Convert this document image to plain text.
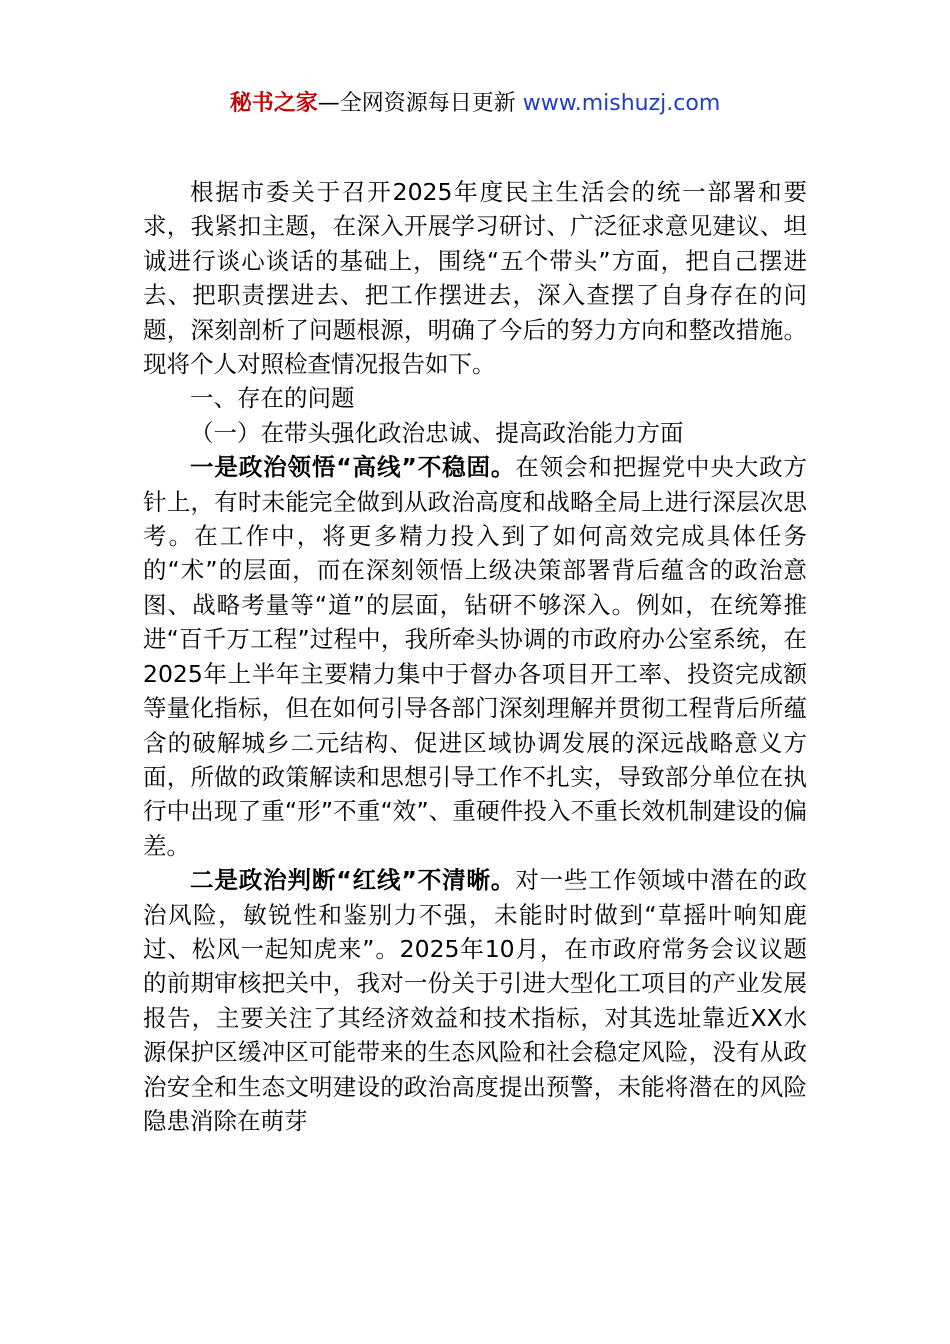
秘书之家—全网资源每日更新 www.mishuzj.com

根据市委关于召开2025年度民主生活会的统一部署和要求，我紧扣主题，在深入开展学习研讨、广泛征求意见建议、坦诚进行谈心谈话的基础上，围绕“五个带头”方面，把自己摆进去、把职责摆进去、把工作摆进去，深入查摆了自身存在的问题，深刻剖析了问题根源，明确了今后的努力方向和整改措施。现将个人对照检查情况报告如下。

一、存在的问题

（一）在带头强化政治忠诚、提高政治能力方面

一是政治领悟“高线”不稳固。在领会和把握党中央大政方针上，有时未能完全做到从政治高度和战略全局上进行深层次思考。在工作中，将更多精力投入到了如何高效完成具体任务的“术”的层面，而在深刻领悟上级决策部署背后蕴含的政治意图、战略考量等“道”的层面，钻研不够深入。例如，在统筹推进“百千万工程”过程中，我所牵头协调的市政府办公室系统，在2025年上半年主要精力集中于督办各项目开工率、投资完成额等量化指标，但在如何引导各部门深刻理解并贯彻工程背后所蕴含的破解城乡二元结构、促进区域协调发展的深远战略意义方面，所做的政策解读和思想引导工作不扎实，导致部分单位在执行中出现了重“形”不重“效”、重硬件投入不重长效机制建设的偏差。

二是政治判断“红线”不清晰。对一些工作领域中潜在的政治风险，敏锐性和鉴别力不强，未能时时做到“草摇叶响知鹿过、松风一起知虎来”。2025年10月，在市政府常务会议议题的前期审核把关中，我对一份关于引进大型化工项目的产业发展报告，主要关注了其经济效益和技术指标，对其选址靠近XX水源保护区缓冲区可能带来的生态风险和社会稳定风险，没有从政治安全和生态文明建设的政治高度提出预警，未能将潜在的风险隐患消除在萌芽
